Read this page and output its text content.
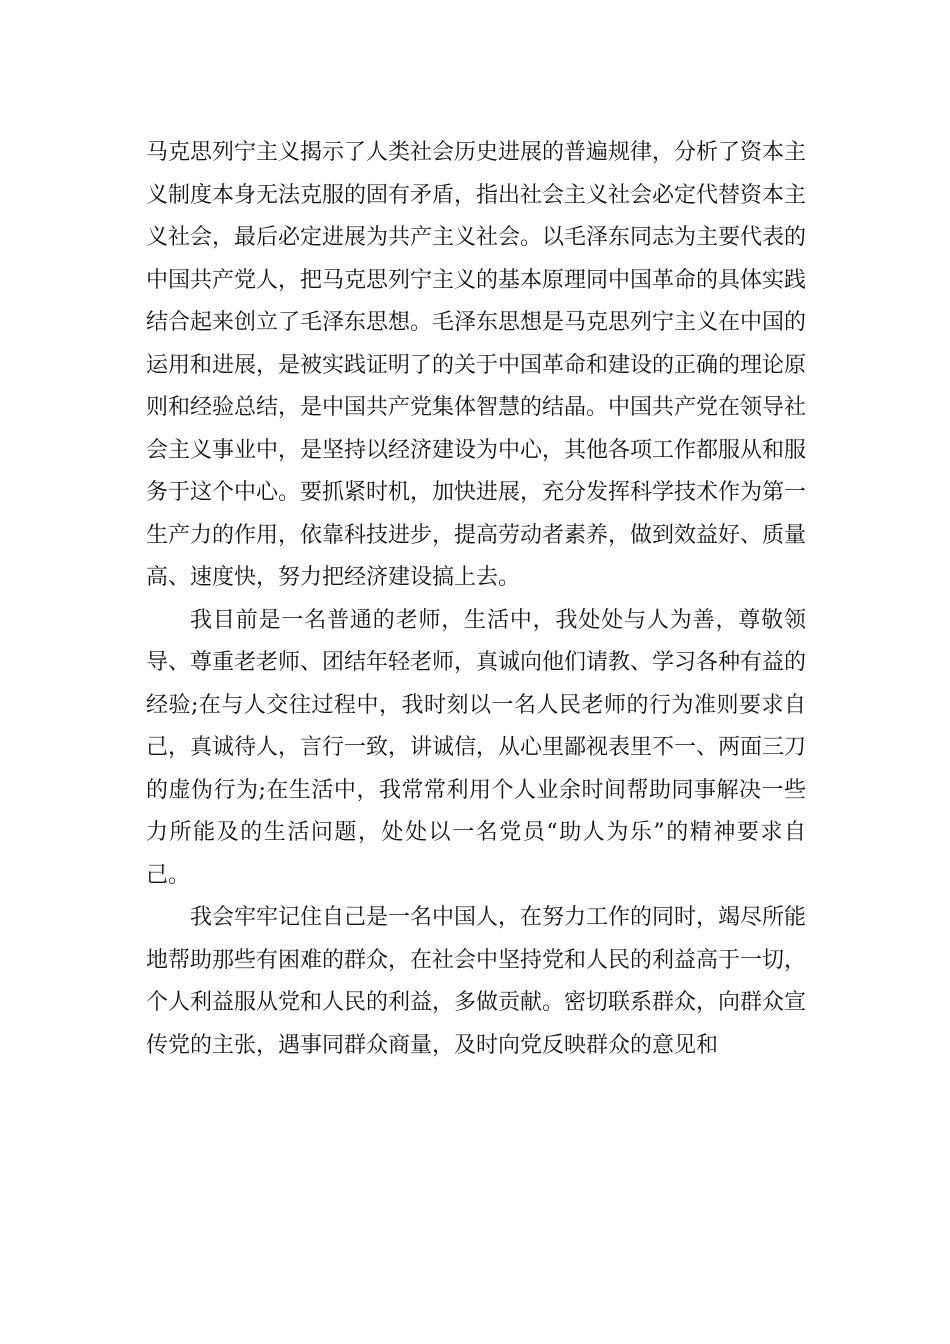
马克思列宁主义揭示了人类社会历史进展的普遍规律，分析了资本主义制度本身无法克服的固有矛盾，指出社会主义社会必定代替资本主义社会，最后必定进展为共产主义社会。以毛泽东同志为主要代表的中国共产党人，把马克思列宁主义的基本原理同中国革命的具体实践结合起来创立了毛泽东思想。毛泽东思想是马克思列宁主义在中国的运用和进展，是被实践证明了的关于中国革命和建设的正确的理论原则和经验总结，是中国共产党集体智慧的结晶。中国共产党在领导社会主义事业中，是坚持以经济建设为中心，其他各项工作都服从和服务于这个中心。要抓紧时机，加快进展，充分发挥科学技术作为第一生产力的作用，依靠科技进步，提高劳动者素养，做到效益好、质量高、速度快，努力把经济建设搞上去。

我目前是一名普通的老师，生活中，我处处与人为善，尊敬领导、尊重老老师、团结年轻老师，真诚向他们请教、学习各种有益的经验;在与人交往过程中，我时刻以一名人民老师的行为准则要求自己，真诚待人，言行一致，讲诚信，从心里鄙视表里不一、两面三刀的虚伪行为;在生活中，我常常利用个人业余时间帮助同事解决一些力所能及的生活问题，处处以一名党员“助人为乐”的精神要求自己。

我会牢牢记住自己是一名中国人，在努力工作的同时，竭尽所能地帮助那些有困难的群众，在社会中坚持党和人民的利益高于一切，个人利益服从党和人民的利益，多做贡献。密切联系群众，向群众宣传党的主张，遇事同群众商量，及时向党反映群众的意见和
